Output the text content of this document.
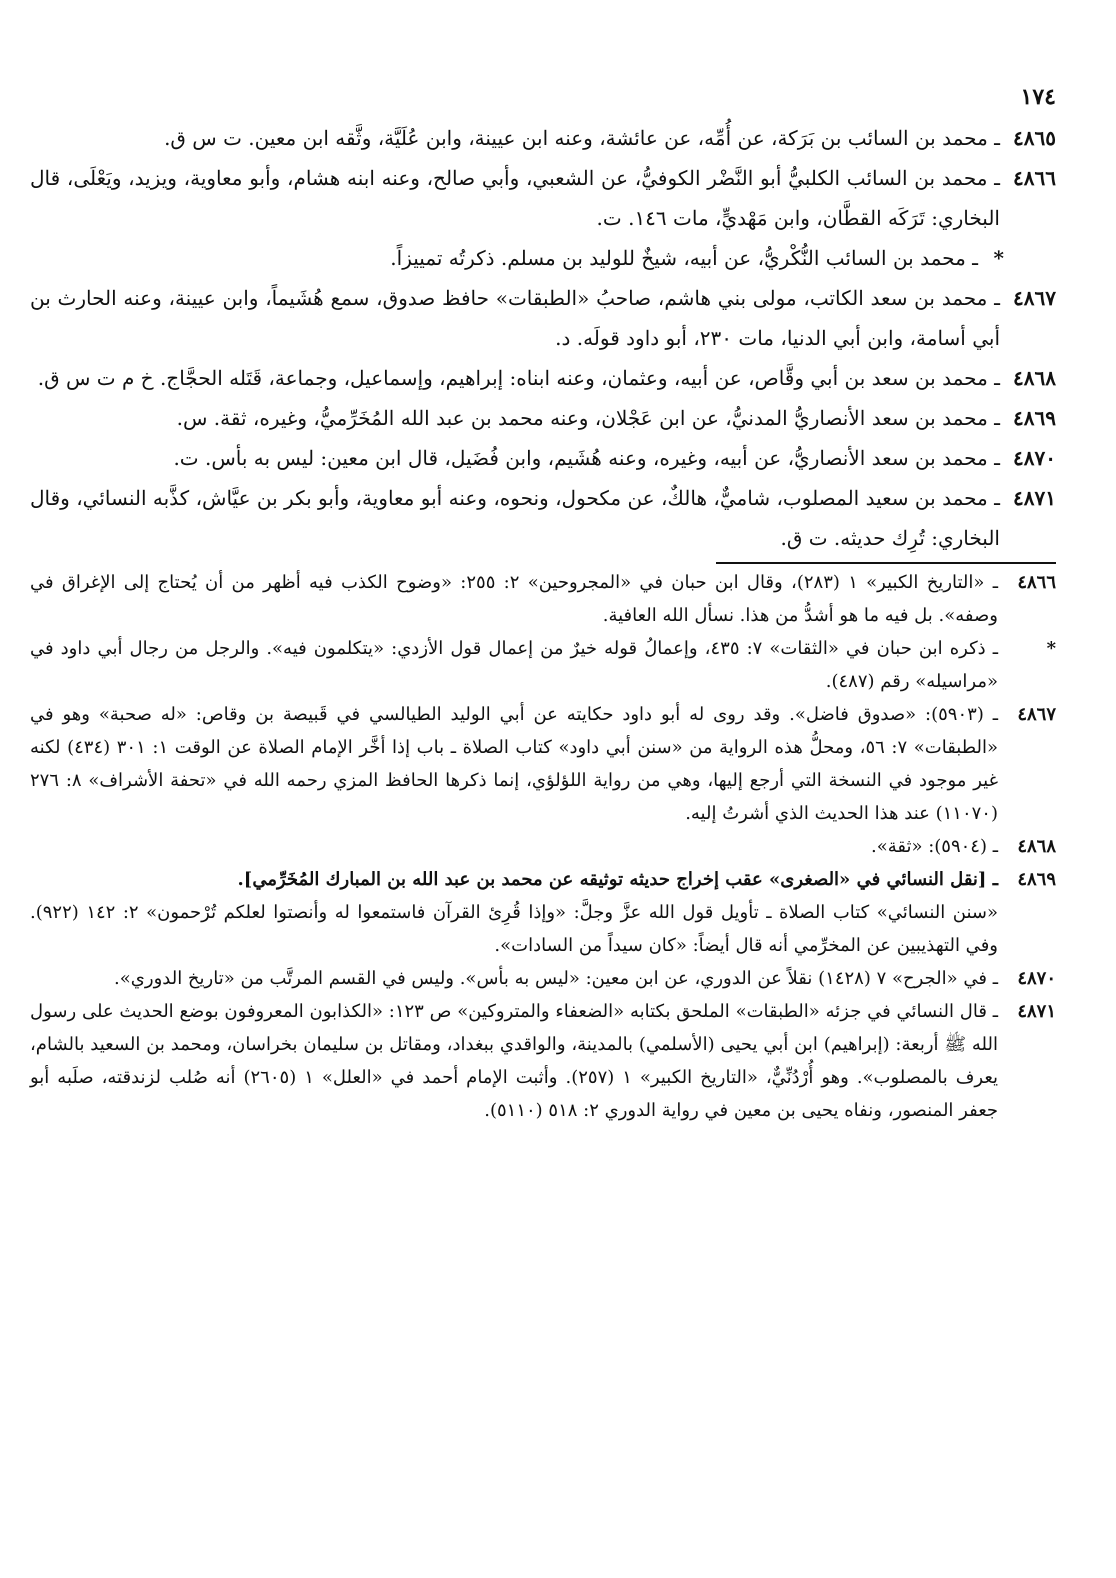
١٧٤

٤٨٦٥
ـ محمد بن السائب بن بَرَكة، عن أُمِّه، عن عائشة، وعنه ابن عيينة، وابن عُلَيَّة، وثَّقه ابن معين. ت س ق.

٤٨٦٦
ـ محمد بن السائب الكلبيُّ أبو النَّضْر الكوفيُّ، عن الشعبي، وأبي صالح، وعنه ابنه هشام، وأبو معاوية، ويزيد، ويَعْلَى، قال البخاري: تَرَكَه القطَّان، وابن مَهْديٍّ، مات ١٤٦. ت.

*
ـ محمد بن السائب النُّكْريُّ، عن أبيه، شيخٌ للوليد بن مسلم. ذكرتُه تمييزاً.

٤٨٦٧
ـ محمد بن سعد الكاتب، مولى بني هاشم، صاحبُ «الطبقات» حافظ صدوق، سمع هُشَيماً، وابن عيينة، وعنه الحارث بن أبي أسامة، وابن أبي الدنيا، مات ٢٣٠، أبو داود قولَه. د.

٤٨٦٨
ـ محمد بن سعد بن أبي وقَّاص، عن أبيه، وعثمان، وعنه ابناه: إبراهيم، وإسماعيل، وجماعة، قَتَله الحجَّاج. خ م ت س ق.

٤٨٦٩
ـ محمد بن سعد الأنصاريُّ المدنيُّ، عن ابن عَجْلان، وعنه محمد بن عبد الله المُخَرِّميُّ، وغيره، ثقة. س.

٤٨٧٠
ـ محمد بن سعد الأنصاريُّ، عن أبيه، وغيره، وعنه هُشَيم، وابن فُضَيل، قال ابن معين: ليس به بأس. ت.

٤٨٧١
ـ محمد بن سعيد المصلوب، شاميٌّ، هالكٌ، عن مكحول، ونحوه، وعنه أبو معاوية، وأبو بكر بن عيَّاش، كذَّبه النسائي، وقال البخاري: تُرِك حديثه. ت ق.

٤٨٦٦
ـ «التاريخ الكبير» ١ (٢٨٣)، وقال ابن حبان في «المجروحين» ٢: ٢٥٥: «وضوح الكذب فيه أظهر من أن يُحتاج إلى الإغراق في وصفه». بل فيه ما هو أشدُّ من هذا. نسأل الله العافية.

*
ـ ذكره ابن حبان في «الثقات» ٧: ٤٣٥، وإعمالُ قوله خيرٌ من إعمال قول الأزدي: «يتكلمون فيه». والرجل من رجال أبي داود في «مراسيله» رقم (٤٨٧).

٤٨٦٧
ـ (٥٩٠٣): «صدوق فاضل». وقد روى له أبو داود حكايته عن أبي الوليد الطيالسي في قَبيصة بن وقاص: «له صحبة» وهو في «الطبقات» ٧: ٥٦، ومحلُّ هذه الرواية من «سنن أبي داود» كتاب الصلاة ـ باب إذا أخَّر الإمام الصلاة عن الوقت ١: ٣٠١ (٤٣٤) لكنه غير موجود في النسخة التي أرجع إليها، وهي من رواية اللؤلؤي، إنما ذكرها الحافظ المزي رحمه الله في «تحفة الأشراف» ٨: ٢٧٦ (١١٠٧٠) عند هذا الحديث الذي أشرتُ إليه.

٤٨٦٨
ـ (٥٩٠٤): «ثقة».

٤٨٦٩
ـ [نقل النسائي في «الصغرى» عقب إخراج حديثه توثيقه عن محمد بن عبد الله بن المبارك المُخَرِّمي].
«سنن النسائي» كتاب الصلاة ـ تأويل قول الله عزَّ وجلَّ: «وإذا قُرِئ القرآن فاستمعوا له وأنصتوا لعلكم تُرْحمون» ٢: ١٤٢ (٩٢٢). وفي التهذيبين عن المخرِّمي أنه قال أيضاً: «كان سيداً من السادات».

٤٨٧٠
ـ في «الجرح» ٧ (١٤٢٨) نقلاً عن الدوري، عن ابن معين: «ليس به بأس». وليس في القسم المرتَّب من «تاريخ الدوري».

٤٨٧١
ـ قال النسائي في جزئه «الطبقات» الملحق بكتابه «الضعفاء والمتروكين» ص ١٢٣: «الكذابون المعروفون بوضع الحديث على رسول الله ﷺ أربعة: (إبراهيم) ابن أبي يحيى (الأسلمي) بالمدينة، والواقدي ببغداد، ومقاتل بن سليمان بخراسان، ومحمد بن السعيد بالشام، يعرف بالمصلوب». وهو أُرْدُنِّيٌّ، «التاريخ الكبير» ١ (٢٥٧). وأثبت الإمام أحمد في «العلل» ١ (٢٦٠٥) أنه صُلب لزندقته، صلَبه أبو جعفر المنصور، ونفاه يحيى بن معين في رواية الدوري ٢: ٥١٨ (٥١١٠).
